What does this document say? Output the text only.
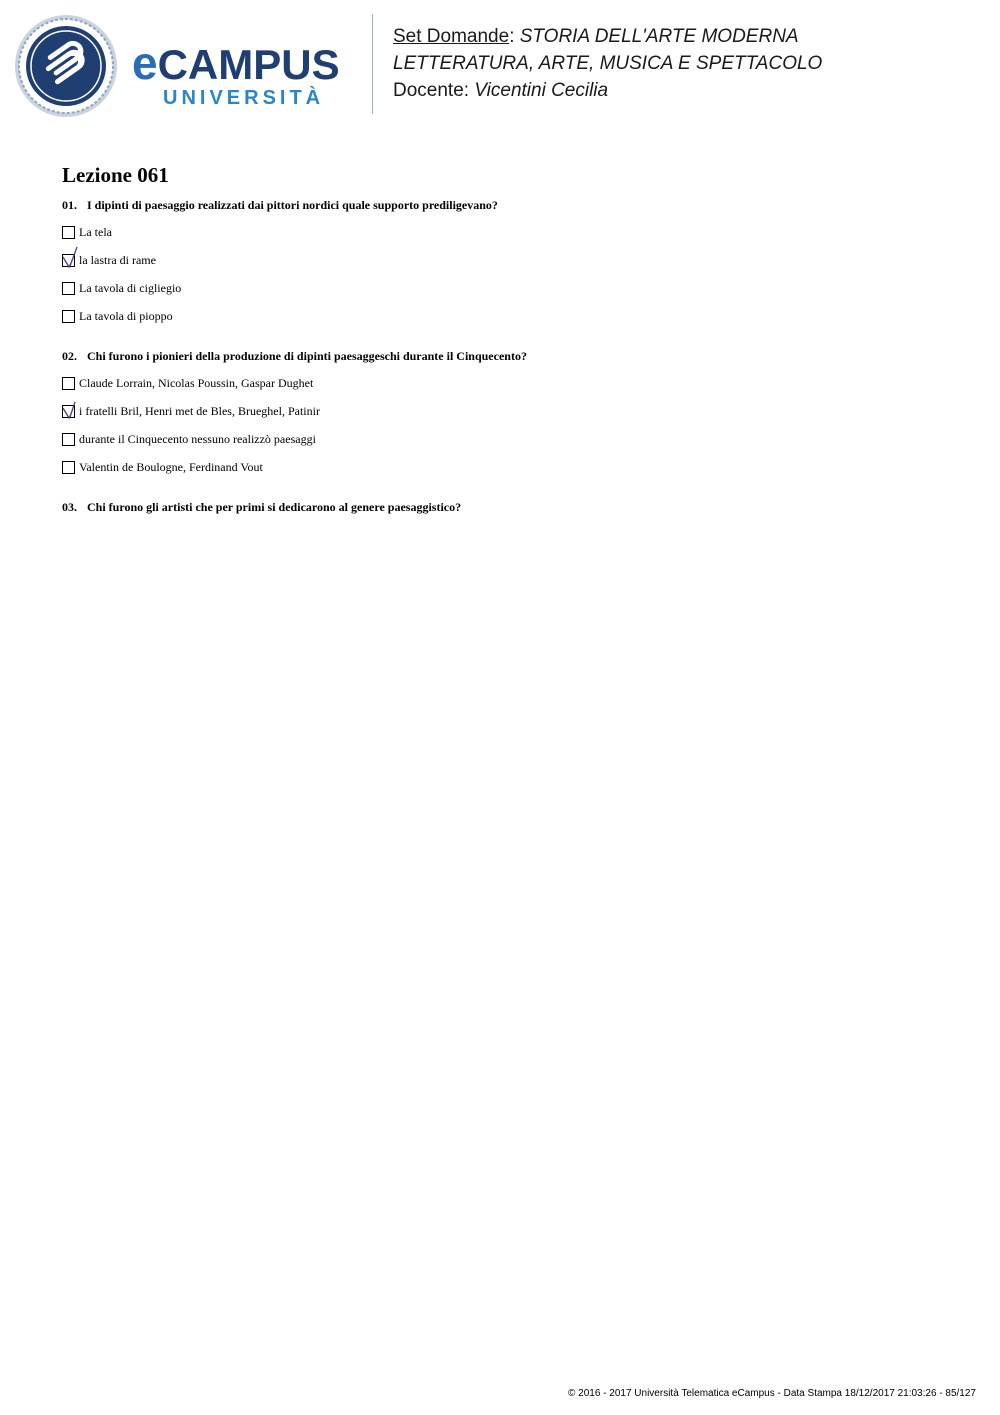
eCAMPUS
UNIVERSITÀ
Set Domande: STORIA DELL'ARTE MODERNA
LETTERATURA, ARTE, MUSICA E SPETTACOLO
Docente: Vicentini Cecilia
Lezione 061
01. I dipinti di paesaggio realizzati dai pittori nordici quale supporto prediligevano?
La tela
la lastra di rame
La tavola di cigliegio
La tavola di pioppo
02. Chi furono i pionieri della produzione di dipinti paesaggeschi durante il Cinquecento?
Claude Lorrain, Nicolas Poussin, Gaspar Dughet
i fratelli Bril, Henri met de Bles, Brueghel, Patinir
durante il Cinquecento nessuno realizzò paesaggi
Valentin de Boulogne, Ferdinand Vout
03. Chi furono gli artisti che per primi si dedicarono al genere paesaggistico?
© 2016 - 2017 Università Telematica eCampus - Data Stampa 18/12/2017 21:03:26 - 85/127
